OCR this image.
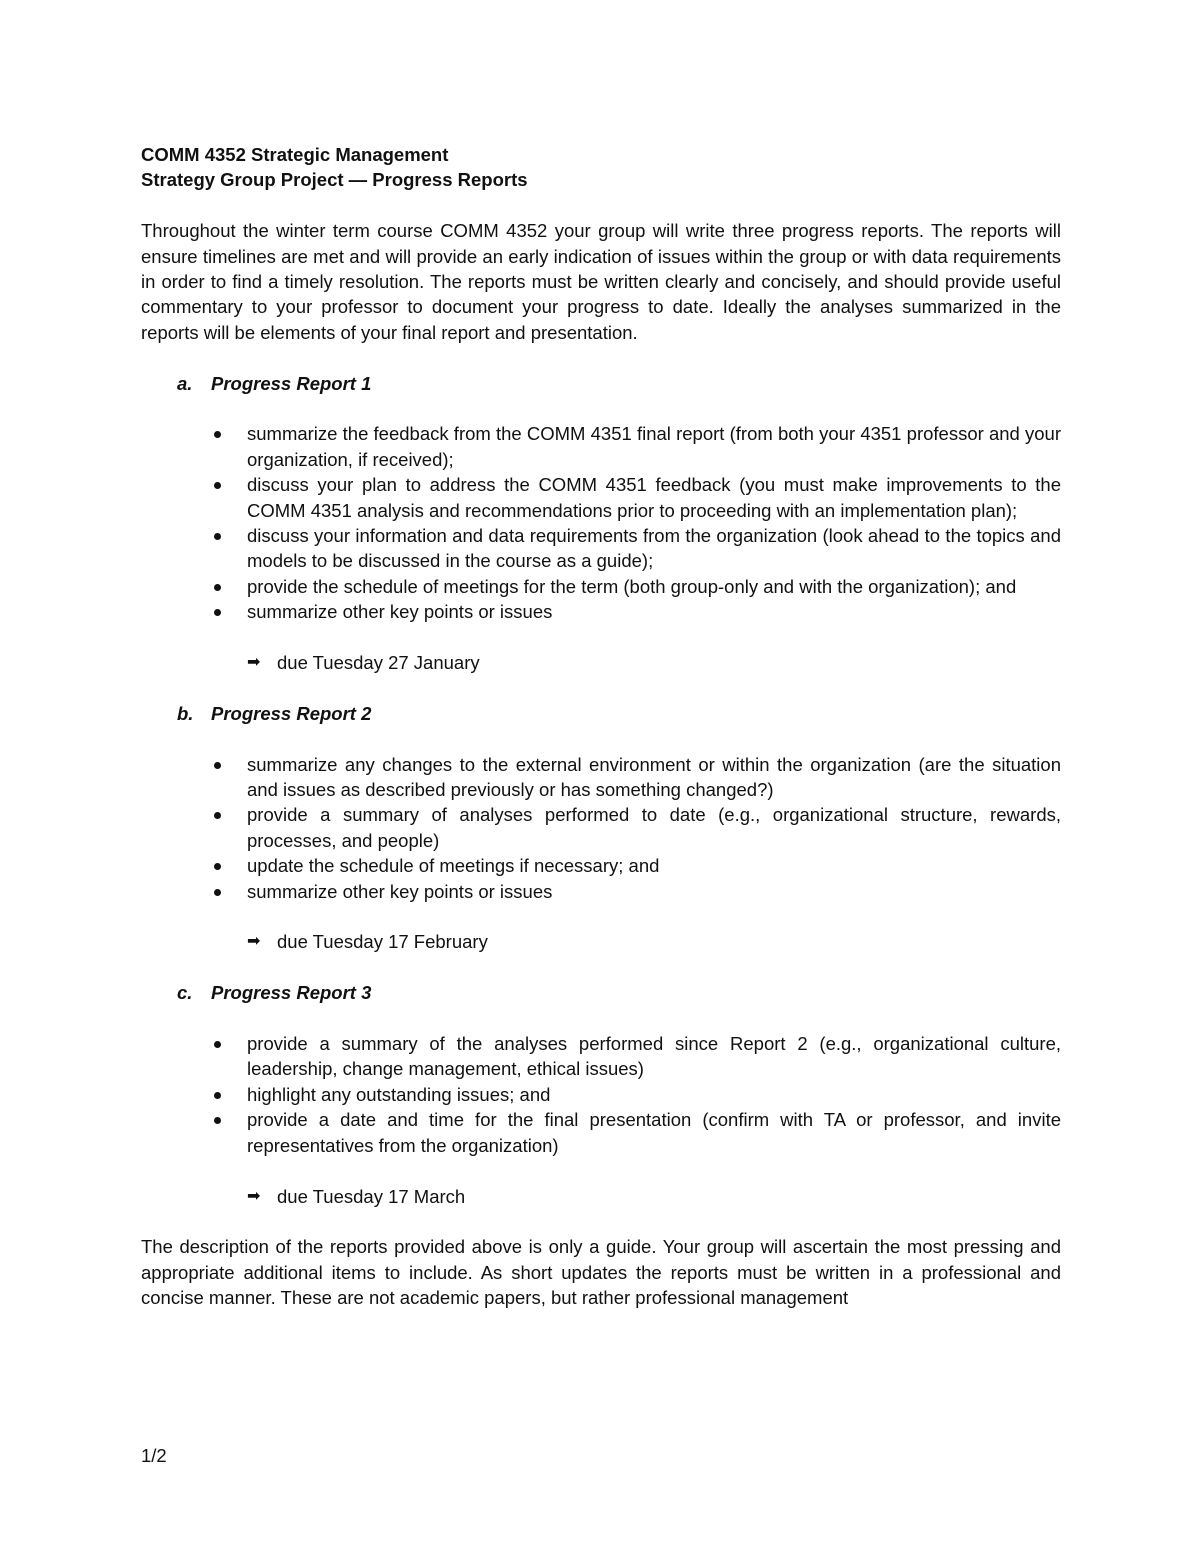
COMM 4352 Strategic Management

Strategy Group Project — Progress Reports

Throughout the winter term course COMM 4352 your group will write three progress reports. The reports will ensure timelines are met and will provide an early indication of issues within the group or with data requirements in order to find a timely resolution. The reports must be written clearly and concisely, and should provide useful commentary to your professor to document your progress to date. Ideally the analyses summarized in the reports will be elements of your final report and presentation.

a.	Progress Report 1

summarize the feedback from the COMM 4351 final report (from both your 4351 professor and your organization, if received);
discuss your plan to address the COMM 4351 feedback (you must make improvements to the COMM 4351 analysis and recommendations prior to proceeding with an implementation plan);
discuss your information and data requirements from the organization (look ahead to the topics and models to be discussed in the course as a guide);
provide the schedule of meetings for the term (both group-only and with the organization); and
summarize other key points or issues

➡ due Tuesday 27 January

b. Progress Report 2

summarize any changes to the external environment or within the organization (are the situation and issues as described previously or has something changed?)
provide a summary of analyses performed to date (e.g., organizational structure, rewards, processes, and people)
update the schedule of meetings if necessary; and
summarize other key points or issues

➡ due Tuesday 17 February

c.	Progress Report 3

provide a summary of the analyses performed since Report 2 (e.g., organizational culture, leadership, change management, ethical issues)
highlight any outstanding issues; and
provide a date and time for the final presentation (confirm with TA or professor, and invite representatives from the organization)

➡ due Tuesday 17 March

The description of the reports provided above is only a guide. Your group will ascertain the most pressing and appropriate additional items to include. As short updates the reports must be written in a professional and concise manner. These are not academic papers, but rather professional management

1/2
